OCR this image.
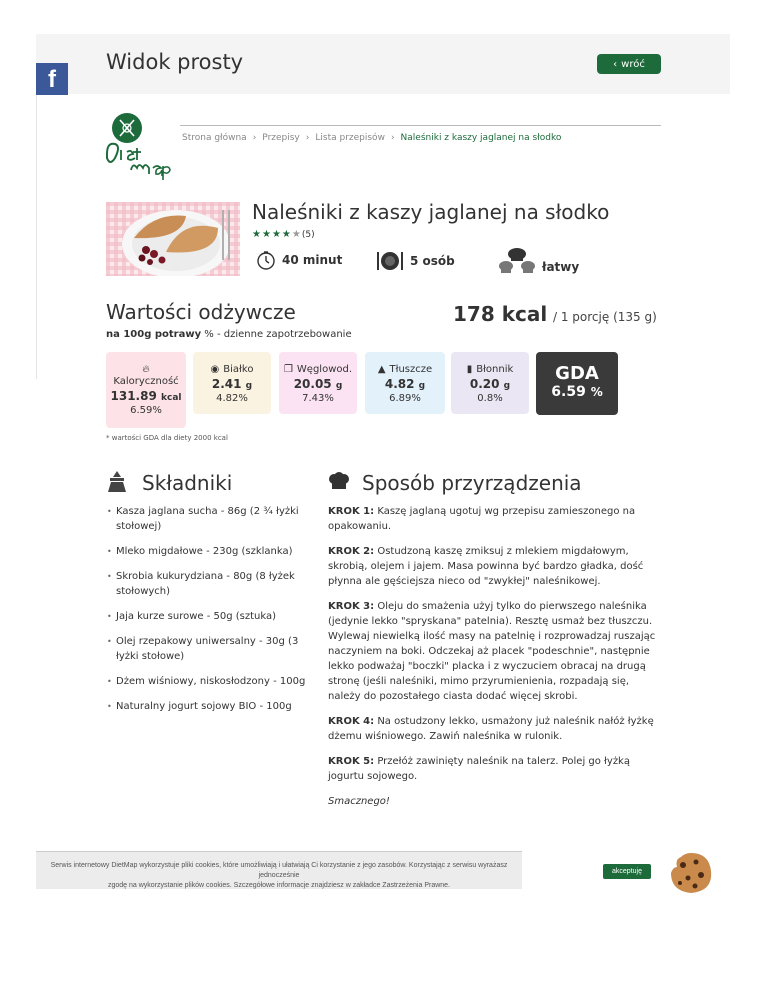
f
Widok prosty	‹ wróć
Strona główna › Przepisy › Lista przepisów › Naleśniki z kaszy jaglanej na słodko
Naleśniki z kaszy jaglanej na słodko
★ ★ ★ ★ ★ (5)
40 minut	5 osób	łatwy
Wartości odżywcze	178 kcal / 1 porcję (135 g)
na 100g potrawy % - dzienne zapotrzebowanie
🔥︎
Kaloryczność
131.89 kcal
6.59%
◉ Białko
2.41 g
4.82%
❒ Węglowod.
20.05 g
7.43%
▲ Tłuszcze
4.82 g
6.89%
▮ Błonnik
0.20 g
0.8%
GDA
6.59 %
* wartości GDA dla diety 2000 kcal
Składniki	Sposób przyrządzenia
• Kasza jaglana sucha - 86g (2 ¾ łyżki stołowej)
• Mleko migdałowe - 230g (szklanka)
• Skrobia kukurydziana - 80g (8 łyżek stołowych)
• Jaja kurze surowe - 50g (sztuka)
• Olej rzepakowy uniwersalny - 30g (3 łyżki stołowe)
• Dżem wiśniowy, niskosłodzony - 100g
• Naturalny jogurt sojowy BIO - 100g

KROK 1: Kaszę jaglaną ugotuj wg przepisu zamieszonego na opakowaniu.

KROK 2: Ostudzoną kaszę zmiksuj z mlekiem migdałowym, skrobią, olejem i jajem. Masa powinna być bardzo gładka, dość płynna ale gęściejsza nieco od "zwykłej" naleśnikowej.

KROK 3: Oleju do smażenia użyj tylko do pierwszego naleśnika (jedynie lekko "spryskana" patelnia). Resztę usmaż bez tłuszczu. Wylewaj niewielką ilość masy na patelnię i rozprowadzaj ruszając naczyniem na boki. Odczekaj aż placek "podeschnie", następnie lekko podważaj "boczki" placka i z wyczuciem obracaj na drugą stronę (jeśli naleśniki, mimo przyrumienienia, rozpadają się, należy do pozostałego ciasta dodać więcej skrobi.

KROK 4: Na ostudzony lekko, usmażony już naleśnik nałóż łyżkę dżemu wiśniowego. Zawiń naleśnika w rulonik.

KROK 5: Przełóż zawinięty naleśnik na talerz. Polej go łyżką jogurtu sojowego.

Smacznego!

Serwis internetowy DietMap wykorzystuje pliki cookies, które umożliwiają i ułatwiają Ci korzystanie z jego zasobów. Korzystając z serwisu wyrażasz jednocześnie
zgodę na wykorzystanie plików cookies. Szczegółowe informacje znajdziesz w zakładce Zastrzeżenia Prawne.
akceptuję
